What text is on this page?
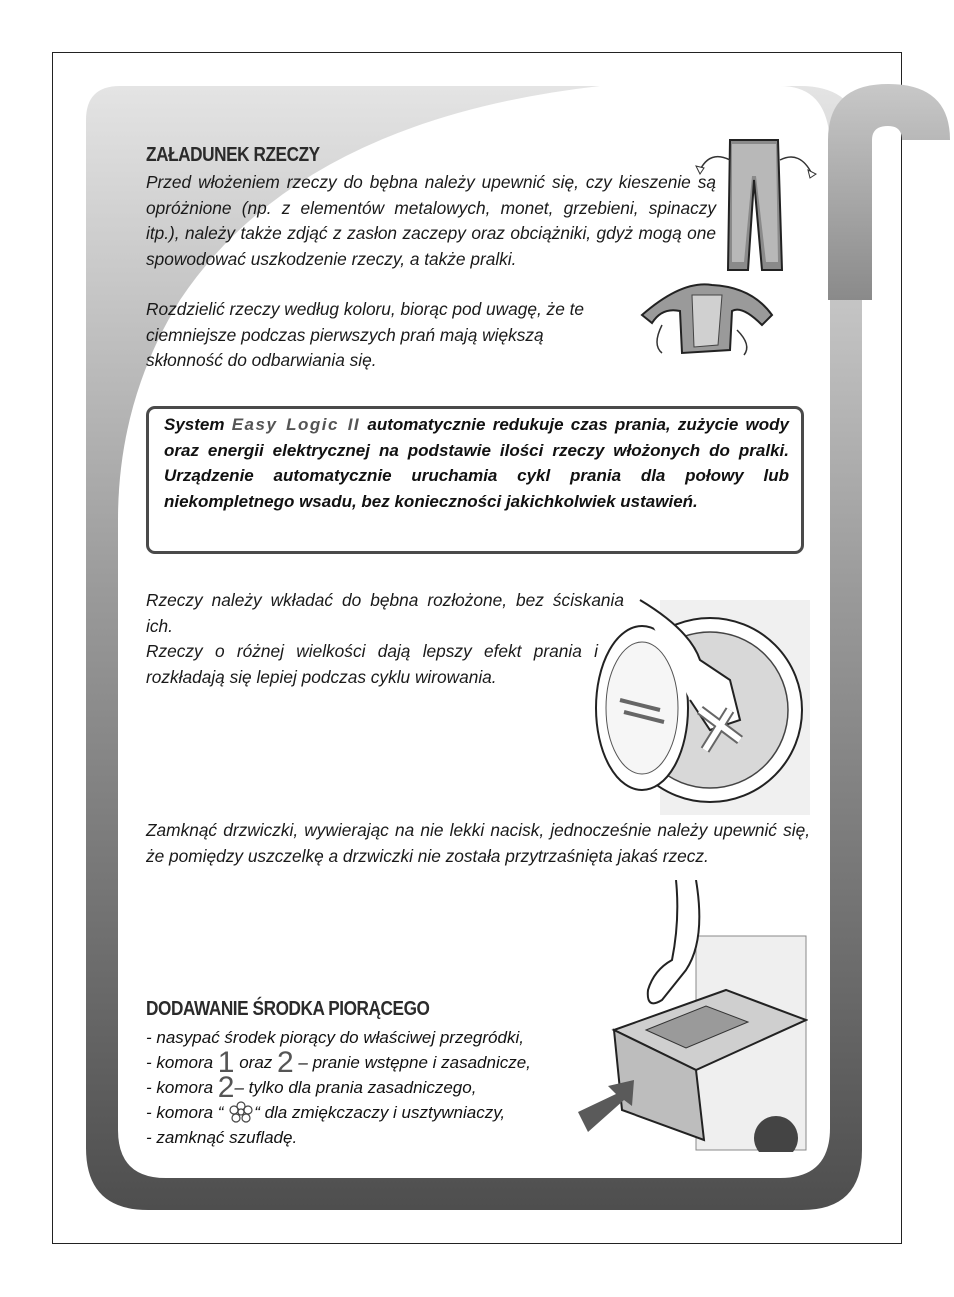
ZAŁADUNEK RZECZY

Przed włożeniem rzeczy do bębna należy upewnić się, czy kieszenie są opróżnione (np. z elementów metalowych, monet, grzebieni, spinaczy itp.), należy także zdjąć z zasłon zaczepy oraz obciążniki, gdyż mogą one spowodować uszkodzenie rzeczy, a także pralki.

Rozdzielić rzeczy według koloru, biorąc pod uwagę, że te ciemniejsze podczas pierwszych prań mają większą skłonność do odbarwiania się.

System Easy Logic II automatycznie redukuje czas prania, zużycie wody oraz energii elektrycznej na podstawie ilości rzeczy włożonych do pralki. Urządzenie automatycznie uruchamia cykl prania dla połowy lub niekompletnego wsadu, bez konieczności jakichkolwiek ustawień.

Rzeczy należy wkładać do bębna rozłożone, bez ściskania ich.

Rzeczy o różnej wielkości dają lepszy efekt prania i rozkładają się lepiej podczas cyklu wirowania.

Zamknąć drzwiczki, wywierając na nie lekki nacisk, jednocześnie należy upewnić się, że pomiędzy uszczelkę a drzwiczki nie została przytrzaśnięta jakaś rzecz.

DODAWANIE ŚRODKA PIORĄCEGO
- nasypać środek piorący do właściwej przegródki,
- komora 1 oraz 2 – pranie wstępne i zasadnicze,
- komora 2– tylko dla prania zasadniczego,
- komora “ “ dla zmiękczaczy i usztywniaczy,
- zamknąć szufladę.
